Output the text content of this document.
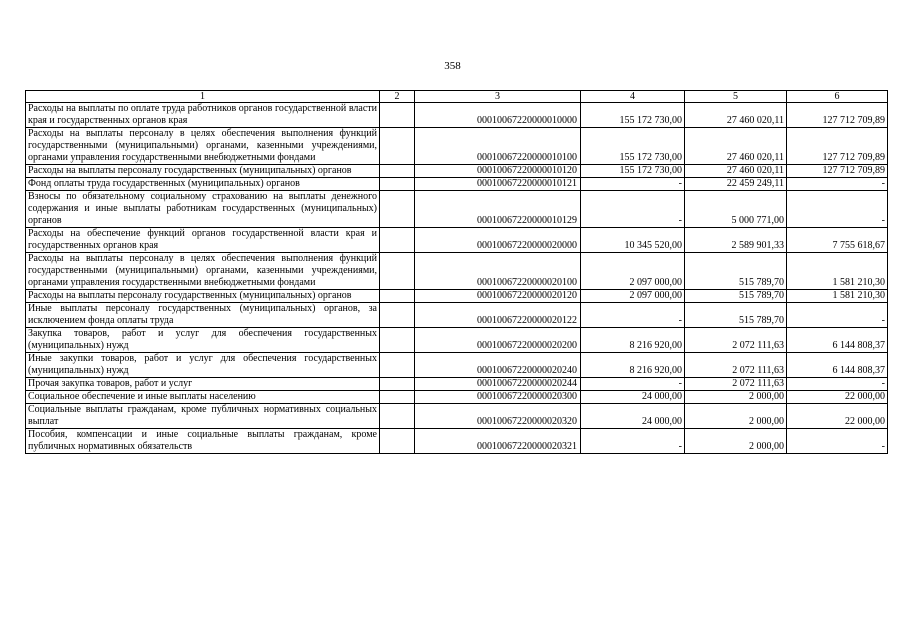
358
1	2	3	4	5	6
Расходы на выплаты по оплате труда работников органов государственной власти края и государственных органов края		00010067220000010000	155 172 730,00	27 460 020,11	127 712 709,89
Расходы на выплаты персоналу в целях обеспечения выполнения функций государственными (муниципальными) органами, казенными учреждениями, органами управления государственными внебюджетными фондами		00010067220000010100	155 172 730,00	27 460 020,11	127 712 709,89
Расходы на выплаты персоналу государственных (муниципальных) органов		00010067220000010120	155 172 730,00	27 460 020,11	127 712 709,89
Фонд оплаты труда государственных (муниципальных) органов		00010067220000010121	-	22 459 249,11	-
Взносы по обязательному социальному страхованию на выплаты денежного содержания и иные выплаты работникам государственных (муниципальных) органов		00010067220000010129	-	5 000 771,00	-
Расходы на обеспечение функций органов государственной власти края и государственных органов края		00010067220000020000	10 345 520,00	2 589 901,33	7 755 618,67
Расходы на выплаты персоналу в целях обеспечения выполнения функций государственными (муниципальными) органами, казенными учреждениями, органами управления государственными внебюджетными фондами		00010067220000020100	2 097 000,00	515 789,70	1 581 210,30
Расходы на выплаты персоналу государственных (муниципальных) органов		00010067220000020120	2 097 000,00	515 789,70	1 581 210,30
Иные выплаты персоналу государственных (муниципальных) органов, за исключением фонда оплаты труда		00010067220000020122	-	515 789,70	-
Закупка товаров, работ и услуг для обеспечения государственных (муниципальных) нужд		00010067220000020200	8 216 920,00	2 072 111,63	6 144 808,37
Иные закупки товаров, работ и услуг для обеспечения государственных (муниципальных) нужд		00010067220000020240	8 216 920,00	2 072 111,63	6 144 808,37
Прочая закупка товаров, работ и услуг		00010067220000020244	-	2 072 111,63	-
Социальное обеспечение и иные выплаты населению		00010067220000020300	24 000,00	2 000,00	22 000,00
Социальные выплаты гражданам, кроме публичных нормативных социальных выплат		00010067220000020320	24 000,00	2 000,00	22 000,00
Пособия, компенсации и иные социальные выплаты гражданам, кроме публичных нормативных обязательств		00010067220000020321	-	2 000,00	-
